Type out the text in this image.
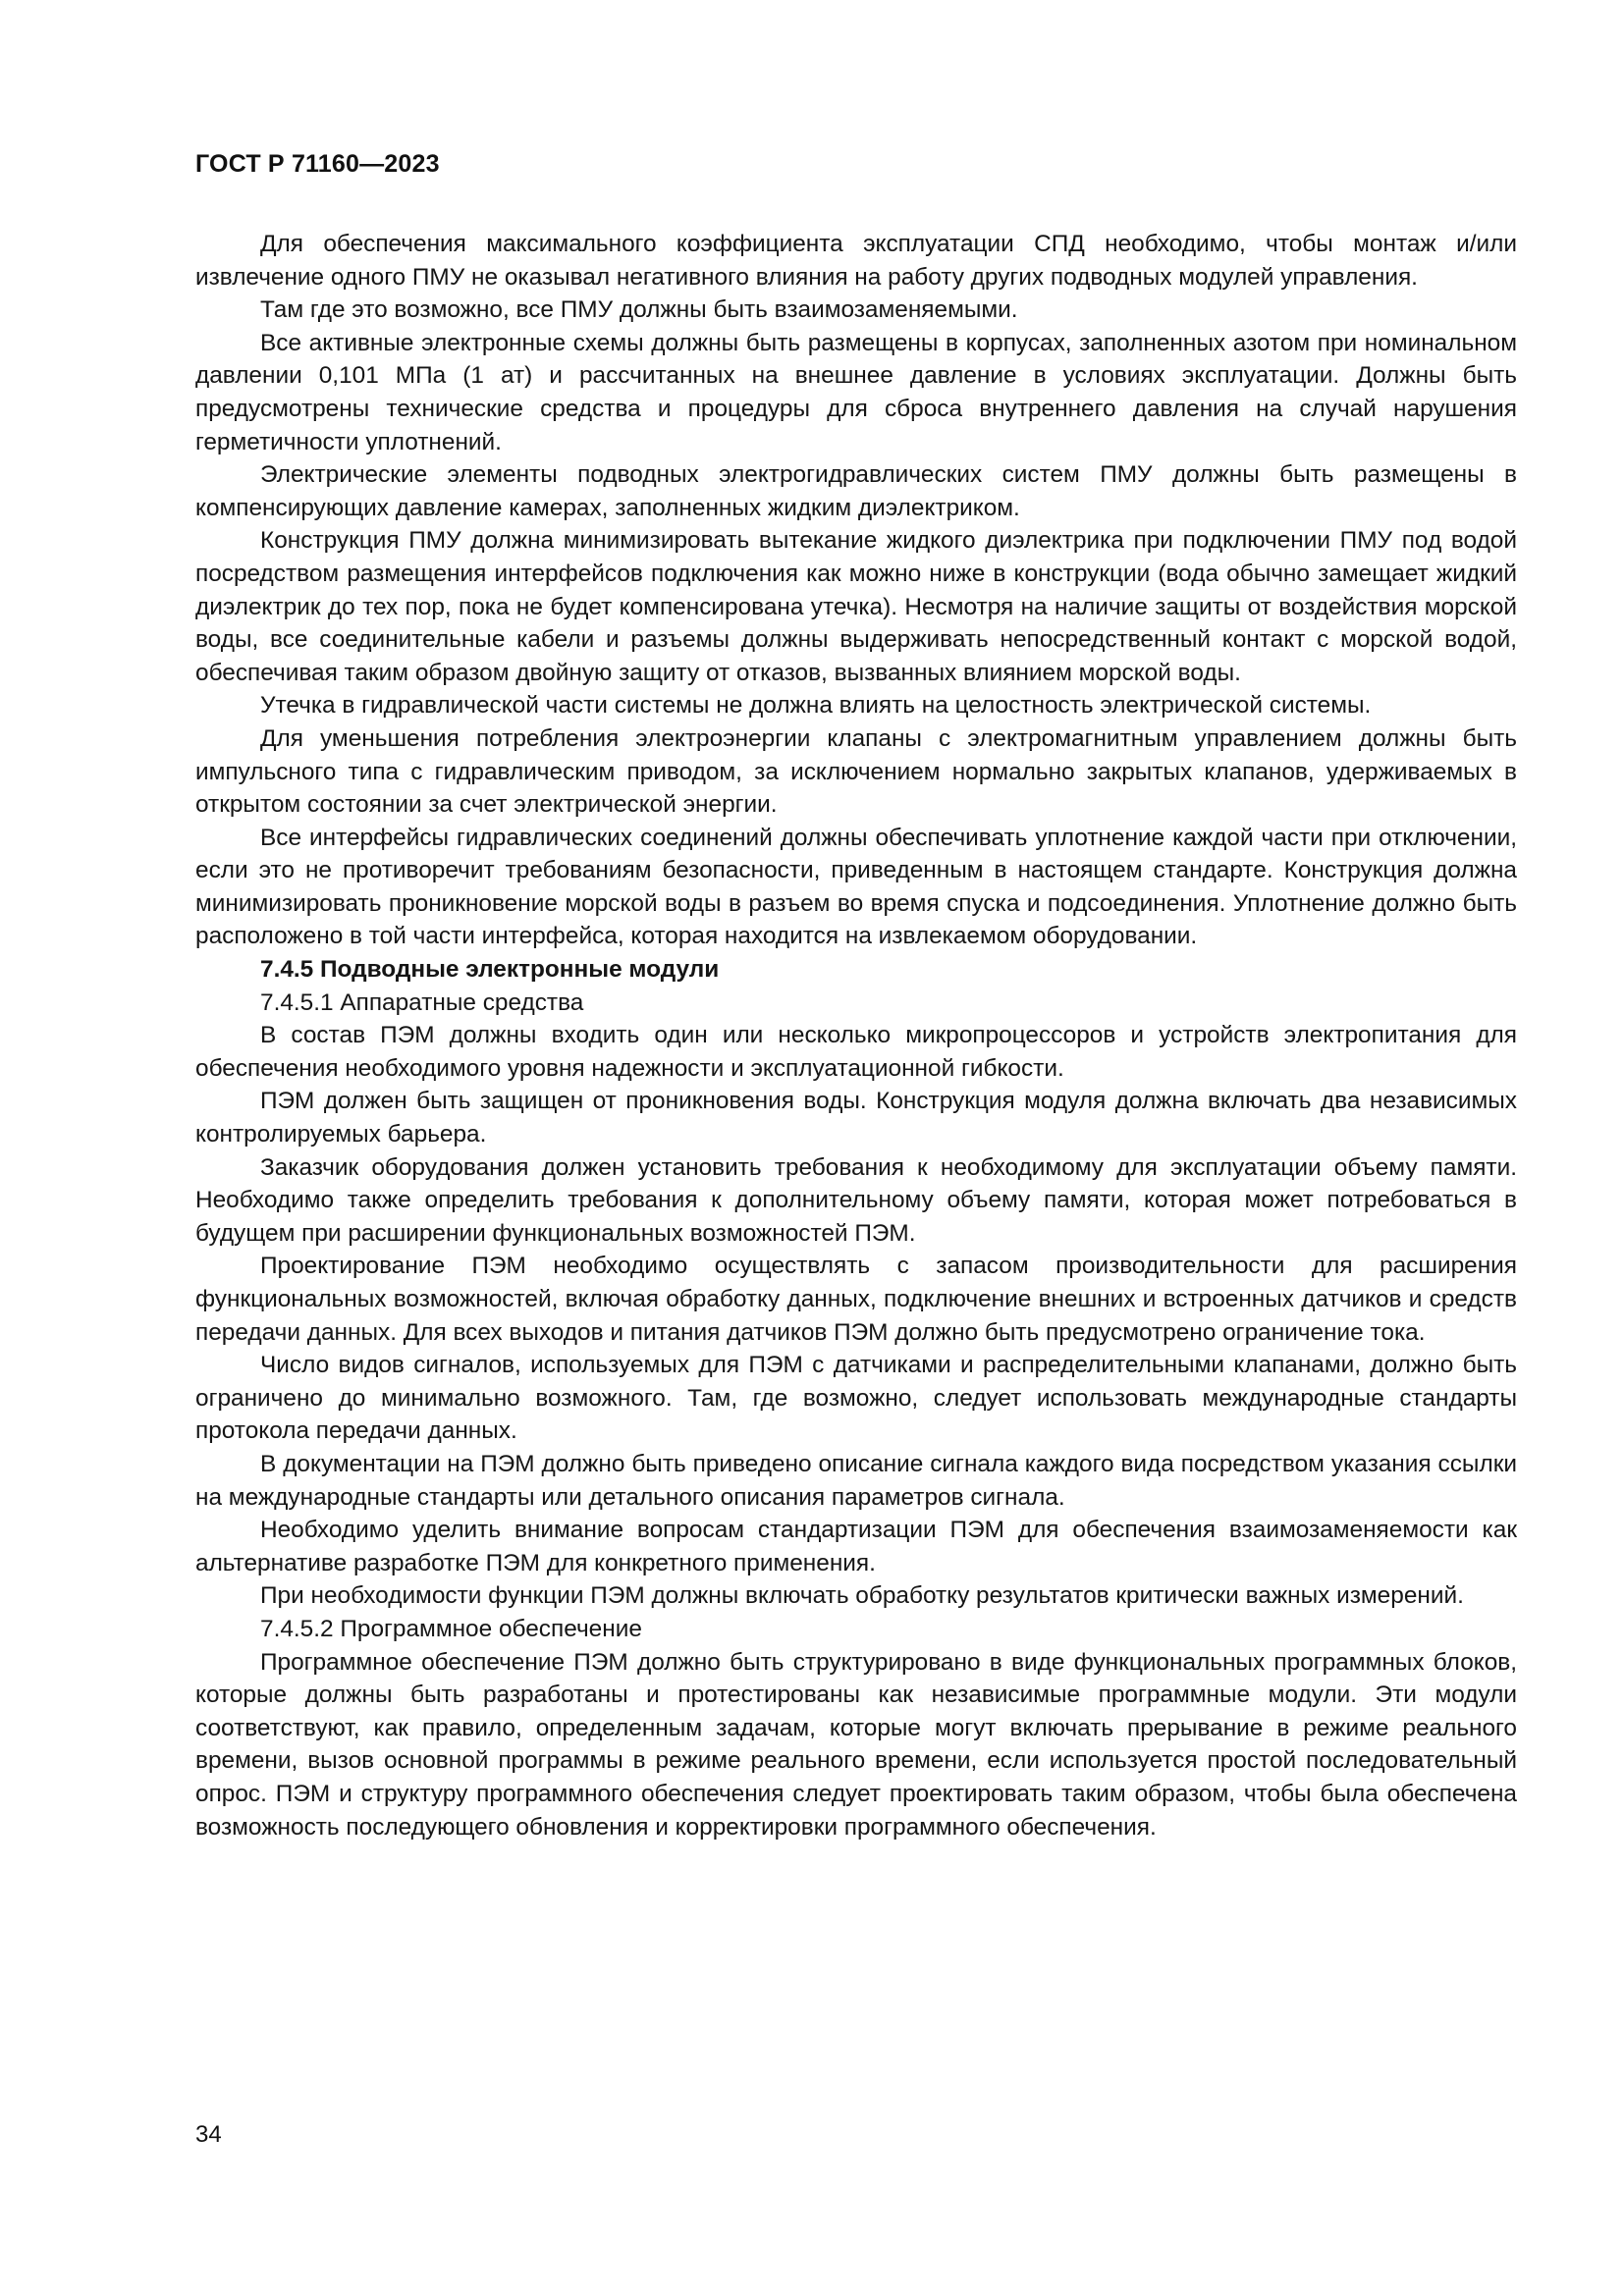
ГОСТ Р 71160—2023

Для обеспечения максимального коэффициента эксплуатации СПД необходимо, чтобы монтаж и/или извлечение одного ПМУ не оказывал негативного влияния на работу других подводных модулей управления.

Там где это возможно, все ПМУ должны быть взаимозаменяемыми.

Все активные электронные схемы должны быть размещены в корпусах, заполненных азотом при номинальном давлении 0,101 МПа (1 ат) и рассчитанных на внешнее давление в условиях эксплуатации. Должны быть предусмотрены технические средства и процедуры для сброса внутреннего давления на случай нарушения герметичности уплотнений.

Электрические элементы подводных электрогидравлических систем ПМУ должны быть размещены в компенсирующих давление камерах, заполненных жидким диэлектриком.

Конструкция ПМУ должна минимизировать вытекание жидкого диэлектрика при подключении ПМУ под водой посредством размещения интерфейсов подключения как можно ниже в конструкции (вода обычно замещает жидкий диэлектрик до тех пор, пока не будет компенсирована утечка). Несмотря на наличие защиты от воздействия морской воды, все соединительные кабели и разъемы должны выдерживать непосредственный контакт с морской водой, обеспечивая таким образом двойную защиту от отказов, вызванных влиянием морской воды.

Утечка в гидравлической части системы не должна влиять на целостность электрической системы.

Для уменьшения потребления электроэнергии клапаны с электромагнитным управлением должны быть импульсного типа с гидравлическим приводом, за исключением нормально закрытых клапанов, удерживаемых в открытом состоянии за счет электрической энергии.

Все интерфейсы гидравлических соединений должны обеспечивать уплотнение каждой части при отключении, если это не противоречит требованиям безопасности, приведенным в настоящем стандарте. Конструкция должна минимизировать проникновение морской воды в разъем во время спуска и подсоединения. Уплотнение должно быть расположено в той части интерфейса, которая находится на извлекаемом оборудовании.

7.4.5 Подводные электронные модули

7.4.5.1 Аппаратные средства

В состав ПЭМ должны входить один или несколько микропроцессоров и устройств электропитания для обеспечения необходимого уровня надежности и эксплуатационной гибкости.

ПЭМ должен быть защищен от проникновения воды. Конструкция модуля должна включать два независимых контролируемых барьера.

Заказчик оборудования должен установить требования к необходимому для эксплуатации объему памяти. Необходимо также определить требования к дополнительному объему памяти, которая может потребоваться в будущем при расширении функциональных возможностей ПЭМ.

Проектирование ПЭМ необходимо осуществлять с запасом производительности для расширения функциональных возможностей, включая обработку данных, подключение внешних и встроенных датчиков и средств передачи данных. Для всех выходов и питания датчиков ПЭМ должно быть предусмотрено ограничение тока.

Число видов сигналов, используемых для ПЭМ с датчиками и распределительными клапанами, должно быть ограничено до минимально возможного. Там, где возможно, следует использовать международные стандарты протокола передачи данных.

В документации на ПЭМ должно быть приведено описание сигнала каждого вида посредством указания ссылки на международные стандарты или детального описания параметров сигнала.

Необходимо уделить внимание вопросам стандартизации ПЭМ для обеспечения взаимозаменяемости как альтернативе разработке ПЭМ для конкретного применения.

При необходимости функции ПЭМ должны включать обработку результатов критически важных измерений.

7.4.5.2 Программное обеспечение

Программное обеспечение ПЭМ должно быть структурировано в виде функциональных программных блоков, которые должны быть разработаны и протестированы как независимые программные модули. Эти модули соответствуют, как правило, определенным задачам, которые могут включать прерывание в режиме реального времени, вызов основной программы в режиме реального времени, если используется простой последовательный опрос. ПЭМ и структуру программного обеспечения следует проектировать таким образом, чтобы была обеспечена возможность последующего обновления и корректировки программного обеспечения.

34
